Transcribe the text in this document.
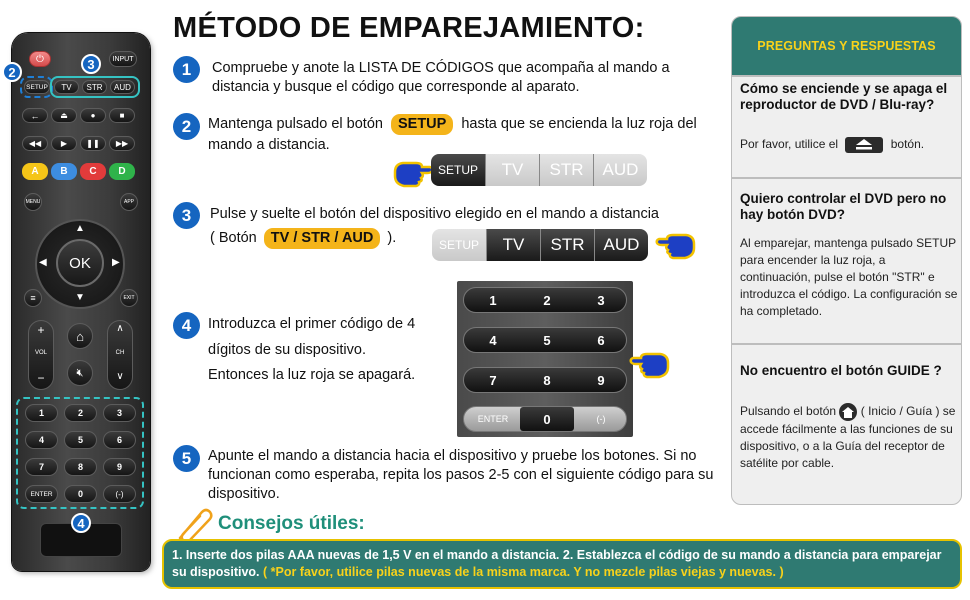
⏻	INPUT
SETUP	TV	STR	AUD
←	⏏	●	■
◀◀	▶	❚❚	▶▶
A	B	C	D
MENU	APP
▲
▼
◀	▶
OK
≡	EXIT
+
VOL
−
⌂
🔇︎
∧
CH
∨
1	2	3
4	5	6
7	8	9
ENTER	0	(-)
2
3
4
MÉTODO DE EMPAREJAMIENTO:
1	Compruebe y anote la LISTA DE CÓDIGOS que acompaña al mando a distancia y busque el código que corresponde al aparato.
2	Mantenga pulsado el botón SETUP hasta que se encienda la luz roja del mando a distancia.
SETUP	TV	STR	AUD
3	Pulse y suelte el botón del dispositivo elegido en el mando a distancia
( Botón TV / STR / AUD ).	SETUP	TV	STR	AUD
4	Introduzca el primer código de 4
dígitos de su dispositivo.
Entonces la luz roja se apagará.
1	2	3
4	5	6
7	8	9
ENTER	0	(-)
5	Apunte el mando a distancia hacia el dispositivo y pruebe los botones. Si no funcionan como esperaba, repita los pasos 2-5 con el siguiente código para su dispositivo.
PREGUNTAS Y RESPUESTAS
Cómo se enciende y se apaga el reproductor de DVD / Blu-ray?
Por favor, utilice el	botón.
Quiero controlar el DVD pero no hay botón DVD?
Al emparejar, mantenga pulsado SETUP para encender la luz roja, a continuación, pulse el botón "STR" e introduzca el código. La configuración se ha completado.
No encuentro el botón GUIDE ?
Pulsando el botón ( Inicio / Guía ) se accede fácilmente a las funciones de su dispositivo, o a la Guía del receptor de satélite por cable.
Consejos útiles:
1. Inserte dos pilas AAA nuevas de 1,5 V en el mando a distancia. 2. Establezca el código de su mando a distancia para emparejar su dispositivo. ( *Por favor, utilice pilas nuevas de la misma marca. Y no mezcle pilas viejas y nuevas. )
